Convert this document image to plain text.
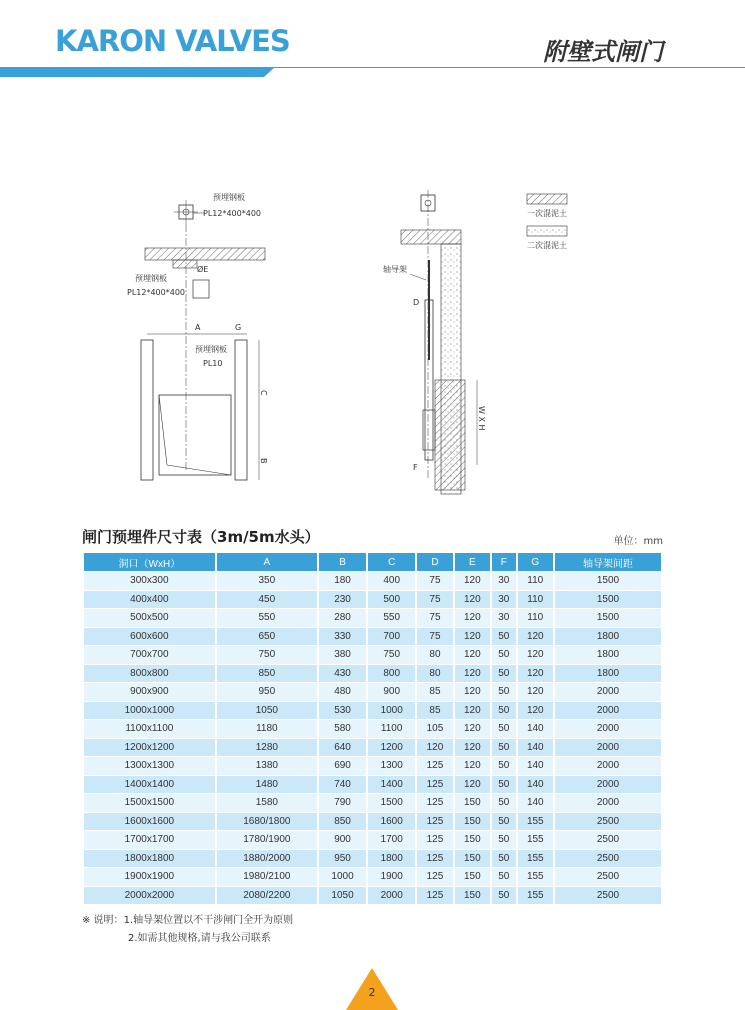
KARON VALVES	附壁式闸门
预埋钢板
PL12*400*400
ØE
预埋钢板
PL12*400*400
A	G
预埋钢板
PL10
C
B
轴导架
D
W X H
F
一次混泥土
二次混泥土
闸门预埋件尺寸表（3m/5m水头）	单位：mm
洞口（WxH）	A	B	C	D	E	F	G	轴导架间距
300x300	350	180	400	75	120	30	110	1500
400x400	450	230	500	75	120	30	110	1500
500x500	550	280	550	75	120	30	110	1500
600x600	650	330	700	75	120	50	120	1800
700x700	750	380	750	80	120	50	120	1800
800x800	850	430	800	80	120	50	120	1800
900x900	950	480	900	85	120	50	120	2000
1000x1000	1050	530	1000	85	120	50	120	2000
1100x1100	1180	580	1100	105	120	50	140	2000
1200x1200	1280	640	1200	120	120	50	140	2000
1300x1300	1380	690	1300	125	120	50	140	2000
1400x1400	1480	740	1400	125	120	50	140	2000
1500x1500	1580	790	1500	125	150	50	140	2000
1600x1600	1680/1800	850	1600	125	150	50	155	2500
1700x1700	1780/1900	900	1700	125	150	50	155	2500
1800x1800	1880/2000	950	1800	125	150	50	155	2500
1900x1900	1980/2100	1000	1900	125	150	50	155	2500
2000x2000	2080/2200	1050	2000	125	150	50	155	2500
※ 说明：1.轴导架位置以不干涉闸门全开为原则
2.如需其他规格,请与我公司联系
2
